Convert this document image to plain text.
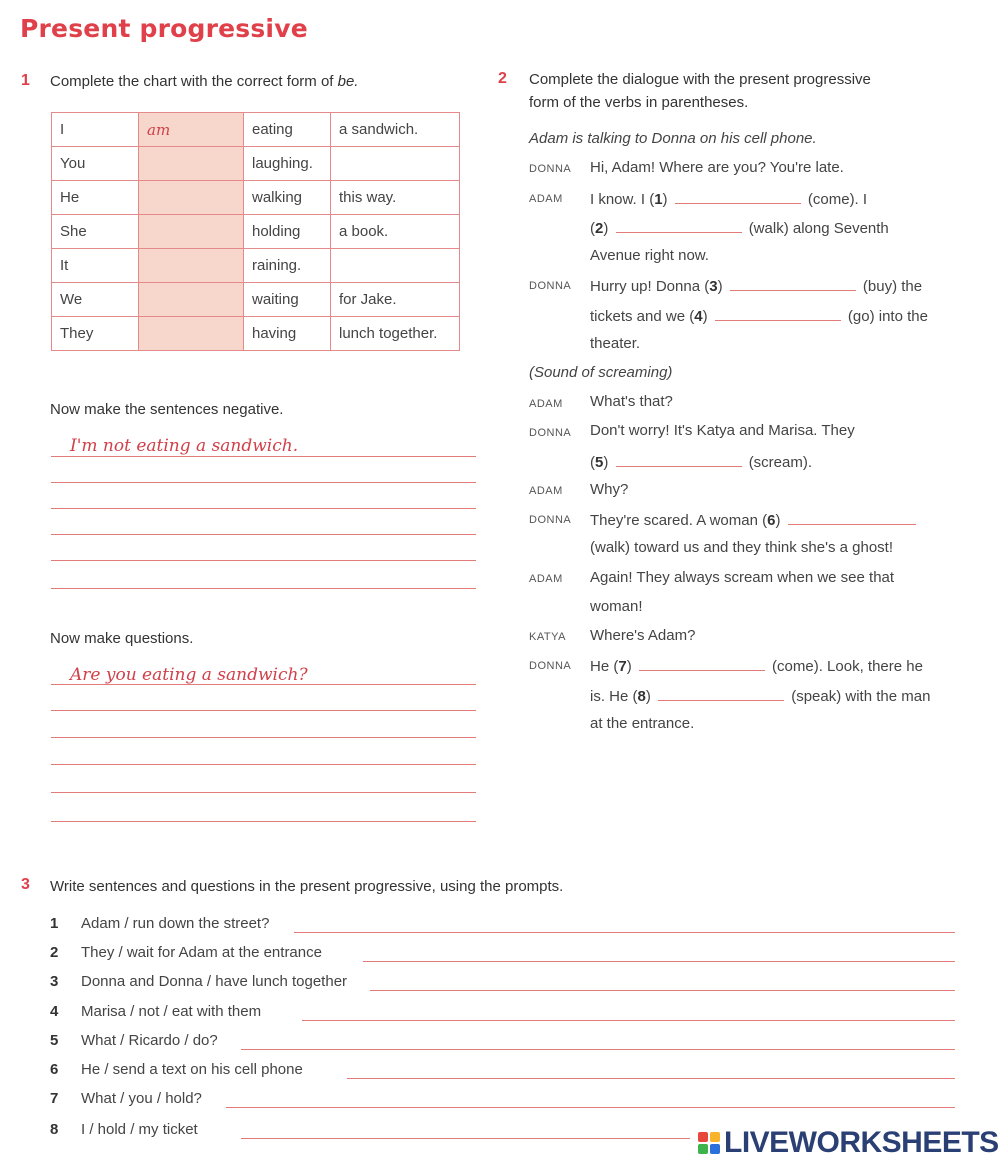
Present progressive
1 Complete the chart with the correct form of be.
I	am	eating	a sandwich.
You		laughing.	
He		walking	this way.
She		holding	a book.
It		raining.	
We		waiting	for Jake.
They		having	lunch together.
Now make the sentences negative.
I'm not eating a sandwich.
Now make questions.
Are you eating a sandwich?
2 Complete the dialogue with the present progressive
form of the verbs in parentheses.
Adam is talking to Donna on his cell phone.
DONNA Hi, Adam! Where are you? You're late.
ADAM I know. I (1)	(come). I
(2)	(walk) along Seventh
Avenue right now.
DONNA Hurry up! Donna (3)	(buy) the
tickets and we (4)	(go) into the
theater.
(Sound of screaming)
ADAM What's that?
DONNA Don't worry! It's Katya and Marisa. They
(5)	(scream).
ADAM Why?
DONNA They're scared. A woman (6)
(walk) toward us and they think she's a ghost!
ADAM Again! They always scream when we see that
woman!
KATYA Where's Adam?
DONNA He (7)	(come). Look, there he
is. He (8)	(speak) with the man
at the entrance.
3 Write sentences and questions in the present progressive, using the prompts.
1 Adam / run down the street?
2 They / wait for Adam at the entrance
3 Donna and Donna / have lunch together
4 Marisa / not / eat with them
5 What / Ricardo / do?
6 He / send a text on his cell phone
7 What / you / hold?
8 I / hold / my ticket	LIVEWORKSHEETS
